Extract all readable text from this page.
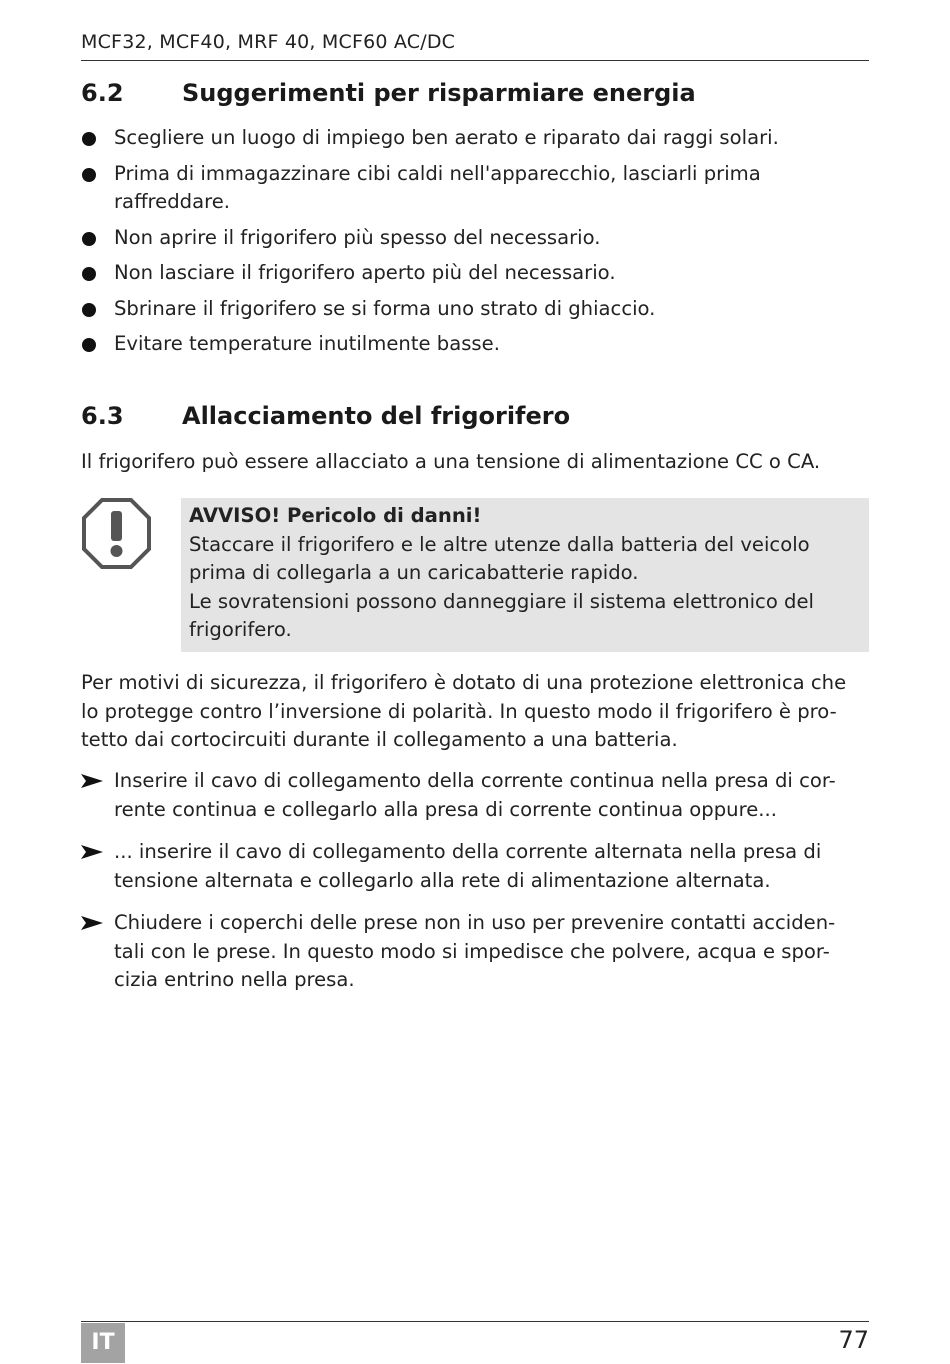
MCF32, MCF40, MRF 40, MCF60 AC/DC
6.2 Suggerimenti per risparmiare energia
Scegliere un luogo di impiego ben aerato e riparato dai raggi solari.
Prima di immagazzinare cibi caldi nell'apparecchio, lasciarli prima
raffreddare.
Non aprire il frigorifero più spesso del necessario.
Non lasciare il frigorifero aperto più del necessario.
Sbrinare il frigorifero se si forma uno strato di ghiaccio.
Evitare temperature inutilmente basse.
6.3 Allacciamento del frigorifero
Il frigorifero può essere allacciato a una tensione di alimentazione CC o CA.
AVVISO! Pericolo di danni!
Staccare il frigorifero e le altre utenze dalla batteria del veicolo
prima di collegarla a un caricabatterie rapido.
Le sovratensioni possono danneggiare il sistema elettronico del
frigorifero.
Per motivi di sicurezza, il frigorifero è dotato di una protezione elettronica che
lo protegge contro l’inversione di polarità. In questo modo il frigorifero è pro-
tetto dai cortocircuiti durante il collegamento a una batteria.
Inserire il cavo di collegamento della corrente continua nella presa di cor-
rente continua e collegarlo alla presa di corrente continua oppure...
... inserire il cavo di collegamento della corrente alternata nella presa di
tensione alternata e collegarlo alla rete di alimentazione alternata.
Chiudere i coperchi delle prese non in uso per prevenire contatti acciden-
tali con le prese. In questo modo si impedisce che polvere, acqua e spor-
cizia entrino nella presa.
IT	77
